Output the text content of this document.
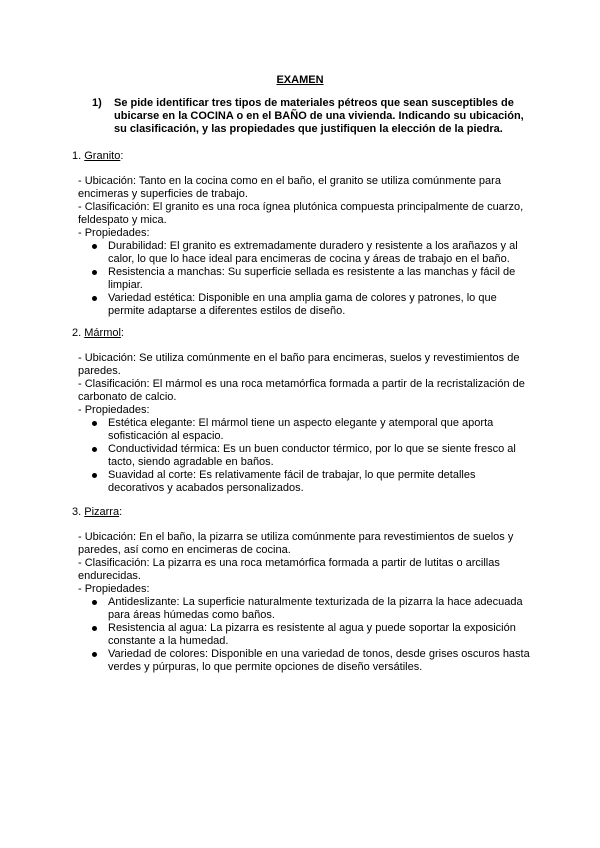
EXAMEN
1) Se pide identificar tres tipos de materiales pétreos que sean susceptibles de ubicarse en la COCINA o en el BAÑO de una vivienda. Indicando su ubicación, su clasificación, y las propiedades que justifiquen la elección de la piedra.

1. Granito:

- Ubicación: Tanto en la cocina como en el baño, el granito se utiliza comúnmente para encimeras y superficies de trabajo.

- Clasificación: El granito es una roca ígnea plutónica compuesta principalmente de cuarzo, feldespato y mica.

- Propiedades:

Durabilidad: El granito es extremadamente duradero y resistente a los arañazos y al calor, lo que lo hace ideal para encimeras de cocina y áreas de trabajo en el baño.
Resistencia a manchas: Su superficie sellada es resistente a las manchas y fácil de limpiar.
Variedad estética: Disponible en una amplia gama de colores y patrones, lo que permite adaptarse a diferentes estilos de diseño.

2. Mármol:

- Ubicación: Se utiliza comúnmente en el baño para encimeras, suelos y revestimientos de paredes.

- Clasificación: El mármol es una roca metamórfica formada a partir de la recristalización de carbonato de calcio.

- Propiedades:

Estética elegante: El mármol tiene un aspecto elegante y atemporal que aporta sofisticación al espacio.
Conductividad térmica: Es un buen conductor térmico, por lo que se siente fresco al tacto, siendo agradable en baños.
Suavidad al corte: Es relativamente fácil de trabajar, lo que permite detalles decorativos y acabados personalizados.

3. Pizarra:

- Ubicación: En el baño, la pizarra se utiliza comúnmente para revestimientos de suelos y paredes, así como en encimeras de cocina.

- Clasificación: La pizarra es una roca metamórfica formada a partir de lutitas o arcillas endurecidas.

- Propiedades:

Antideslizante: La superficie naturalmente texturizada de la pizarra la hace adecuada para áreas húmedas como baños.
Resistencia al agua: La pizarra es resistente al agua y puede soportar la exposición constante a la humedad.
Variedad de colores: Disponible en una variedad de tonos, desde grises oscuros hasta verdes y púrpuras, lo que permite opciones de diseño versátiles.
